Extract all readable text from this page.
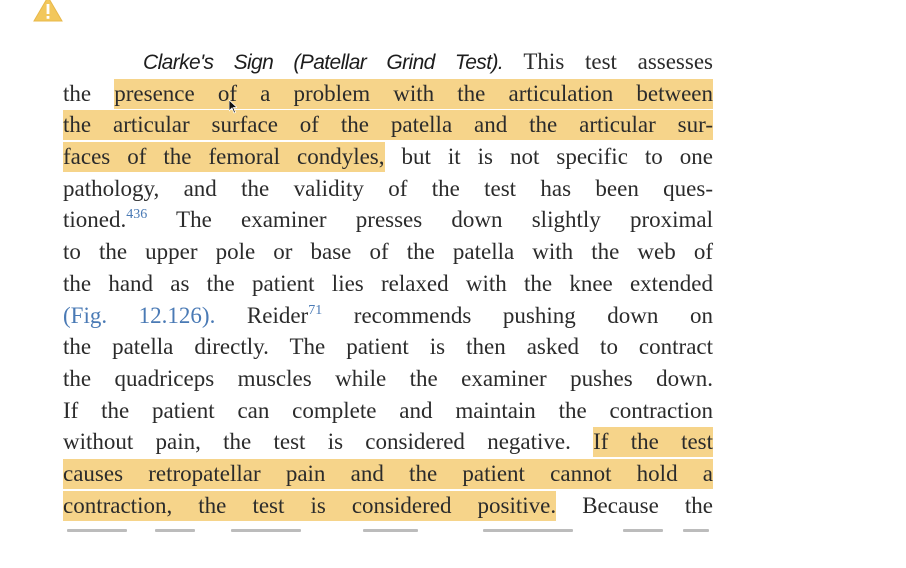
Clarke's Sign (Patellar Grind Test). This test assesses
the presence of a problem with the articulation between
the articular surface of the patella and the articular sur-
faces of the femoral condyles, but it is not specific to one
pathology, and the validity of the test has been ques-
tioned.$^{436}$ The examiner presses down slightly proximal
to the upper pole or base of the patella with the web of
the hand as the patient lies relaxed with the knee extended
(Fig. 12.126). Reider$^{71}$ recommends pushing down on
the patella directly. The patient is then asked to contract
the quadriceps muscles while the examiner pushes down.
If the patient can complete and maintain the contraction
without pain, the test is considered negative. If the test
causes retropatellar pain and the patient cannot hold a
contraction, the test is considered positive. Because the
